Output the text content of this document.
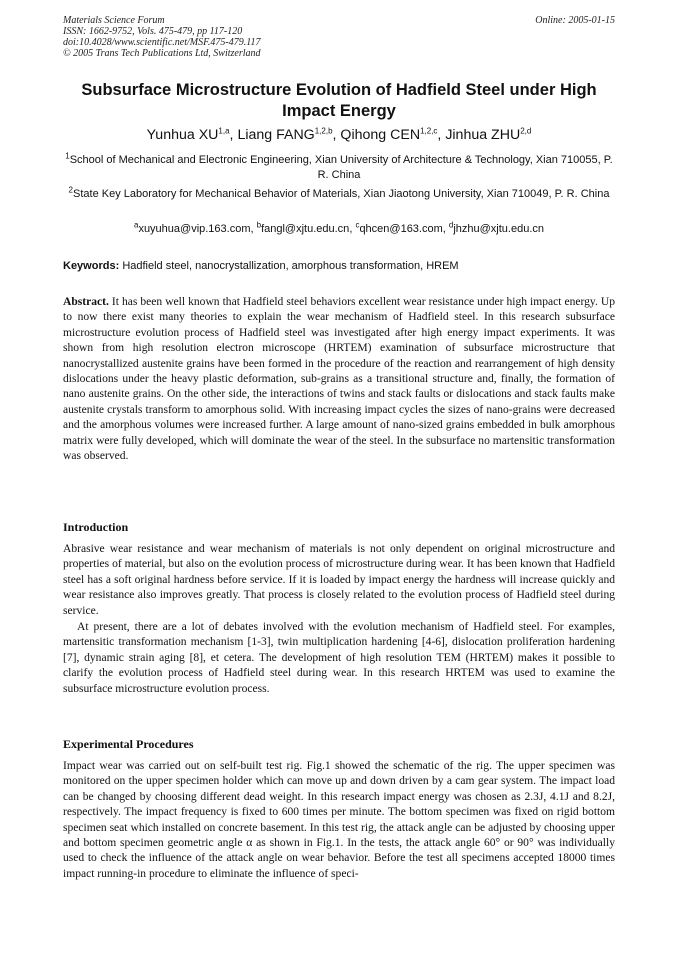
Materials Science Forum
ISSN: 1662-9752, Vols. 475-479, pp 117-120
doi:10.4028/www.scientific.net/MSF.475-479.117
© 2005 Trans Tech Publications Ltd, Switzerland
Online: 2005-01-15
Subsurface Microstructure Evolution of Hadfield Steel under High Impact Energy
Yunhua XU$^{1,a}$, Liang FANG$^{1,2,b}$, Qihong CEN$^{1,2,c}$, Jinhua ZHU$^{2,d}$
$^1$School of Mechanical and Electronic Engineering, Xian University of Architecture & Technology, Xian 710055, P. R. China
$^2$State Key Laboratory for Mechanical Behavior of Materials, Xian Jiaotong University, Xian 710049, P. R. China
$^a$xuyuhua@vip.163.com, $^b$fangl@xjtu.edu.cn, $^c$qhcen@163.com, $^d$jhzhu@xjtu.edu.cn
Keywords: Hadfield steel, nanocrystallization, amorphous transformation, HREM
Abstract. It has been well known that Hadfield steel behaviors excellent wear resistance under high impact energy. Up to now there exist many theories to explain the wear mechanism of Hadfield steel. In this research subsurface microstructure evolution process of Hadfield steel was investigated after high energy impact experiments. It was shown from high resolution electron microscope (HRTEM) examination of subsurface microstructure that nanocrystallized austenite grains have been formed in the procedure of the reaction and rearrangement of high density dislocations under the heavy plastic deformation, sub-grains as a transitional structure and, finally, the formation of nano austenite grains. On the other side, the interactions of twins and stack faults or dislocations and stack faults make austenite crystals transform to amorphous solid. With increasing impact cycles the sizes of nano-grains were decreased and the amorphous volumes were increased further. A large amount of nano-sized grains embedded in bulk amorphous matrix were fully developed, which will dominate the wear of the steel. In the subsurface no martensitic transformation was observed.
Introduction
Abrasive wear resistance and wear mechanism of materials is not only dependent on original microstructure and properties of material, but also on the evolution process of microstructure during wear. It has been known that Hadfield steel has a soft original hardness before service. If it is loaded by impact energy the hardness will increase quickly and wear resistance also improves greatly. That process is closely related to the evolution process of Hadfield steel during service.
At present, there are a lot of debates involved with the evolution mechanism of Hadfield steel. For examples, martensitic transformation mechanism [1-3], twin multiplication hardening [4-6], dislocation proliferation hardening [7], dynamic strain aging [8], et cetera. The development of high resolution TEM (HRTEM) makes it possible to clarify the evolution process of Hadfield steel during wear. In this research HRTEM was used to examine the subsurface microstructure evolution process.
Experimental Procedures
Impact wear was carried out on self-built test rig. Fig.1 showed the schematic of the rig. The upper specimen was monitored on the upper specimen holder which can move up and down driven by a cam gear system. The impact load can be changed by choosing different dead weight. In this research impact energy was chosen as 2.3J, 4.1J and 8.2J, respectively. The impact frequency is fixed to 600 times per minute. The bottom specimen was fixed on rigid bottom specimen seat which installed on concrete basement. In this test rig, the attack angle can be adjusted by choosing upper and bottom specimen geometric angle α as shown in Fig.1. In the tests, the attack angle 60° or 90° was individually used to check the influence of the attack angle on wear behavior. Before the test all specimens accepted 18000 times impact running-in procedure to eliminate the influence of speci-
